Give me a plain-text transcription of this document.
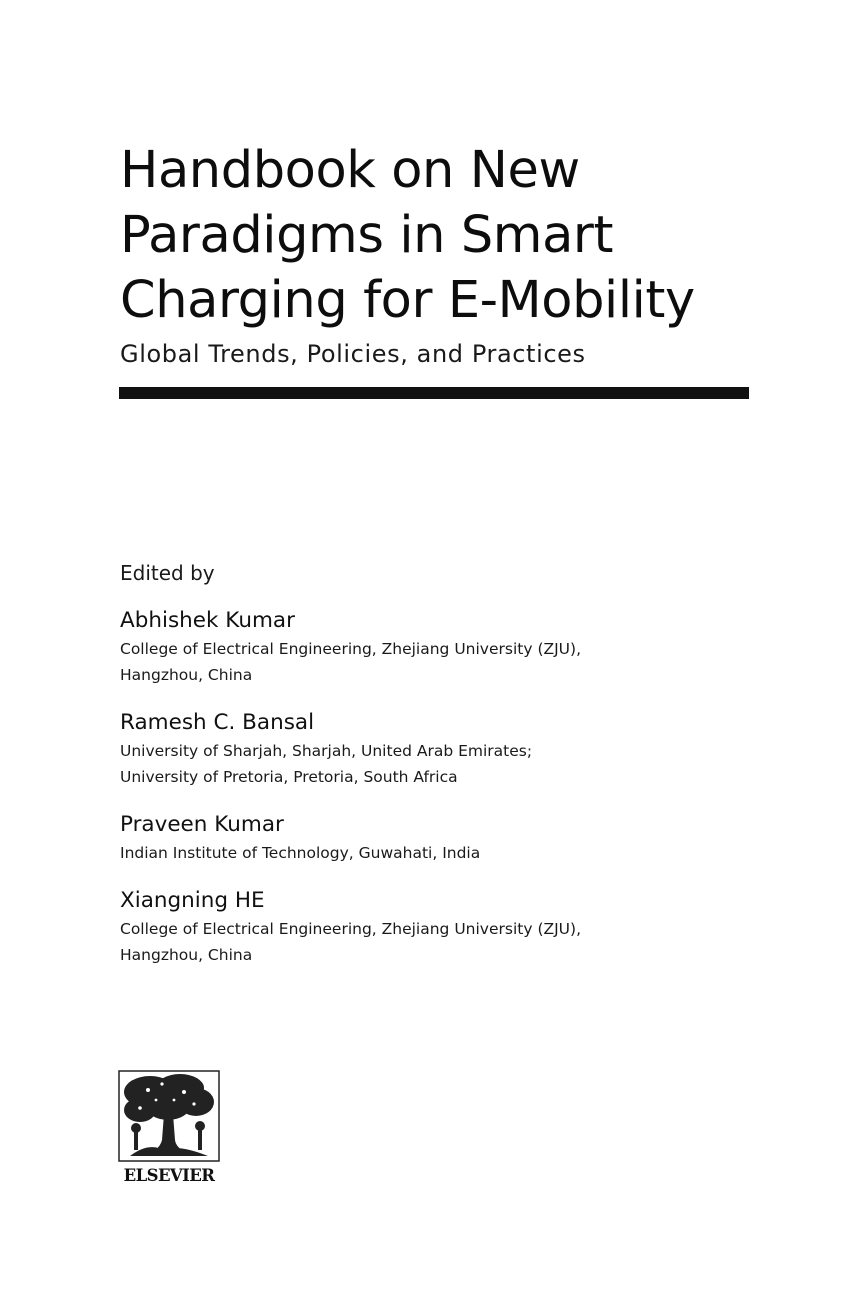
Handbook on New
Paradigms in Smart
Charging for E-Mobility
Global Trends, Policies, and Practices
Edited by
Abhishek Kumar
College of Electrical Engineering, Zhejiang University (ZJU),
Hangzhou, China
Ramesh C. Bansal
University of Sharjah, Sharjah, United Arab Emirates;
University of Pretoria, Pretoria, South Africa
Praveen Kumar
Indian Institute of Technology, Guwahati, India
Xiangning HE
College of Electrical Engineering, Zhejiang University (ZJU),
Hangzhou, China
ELSEVIER
